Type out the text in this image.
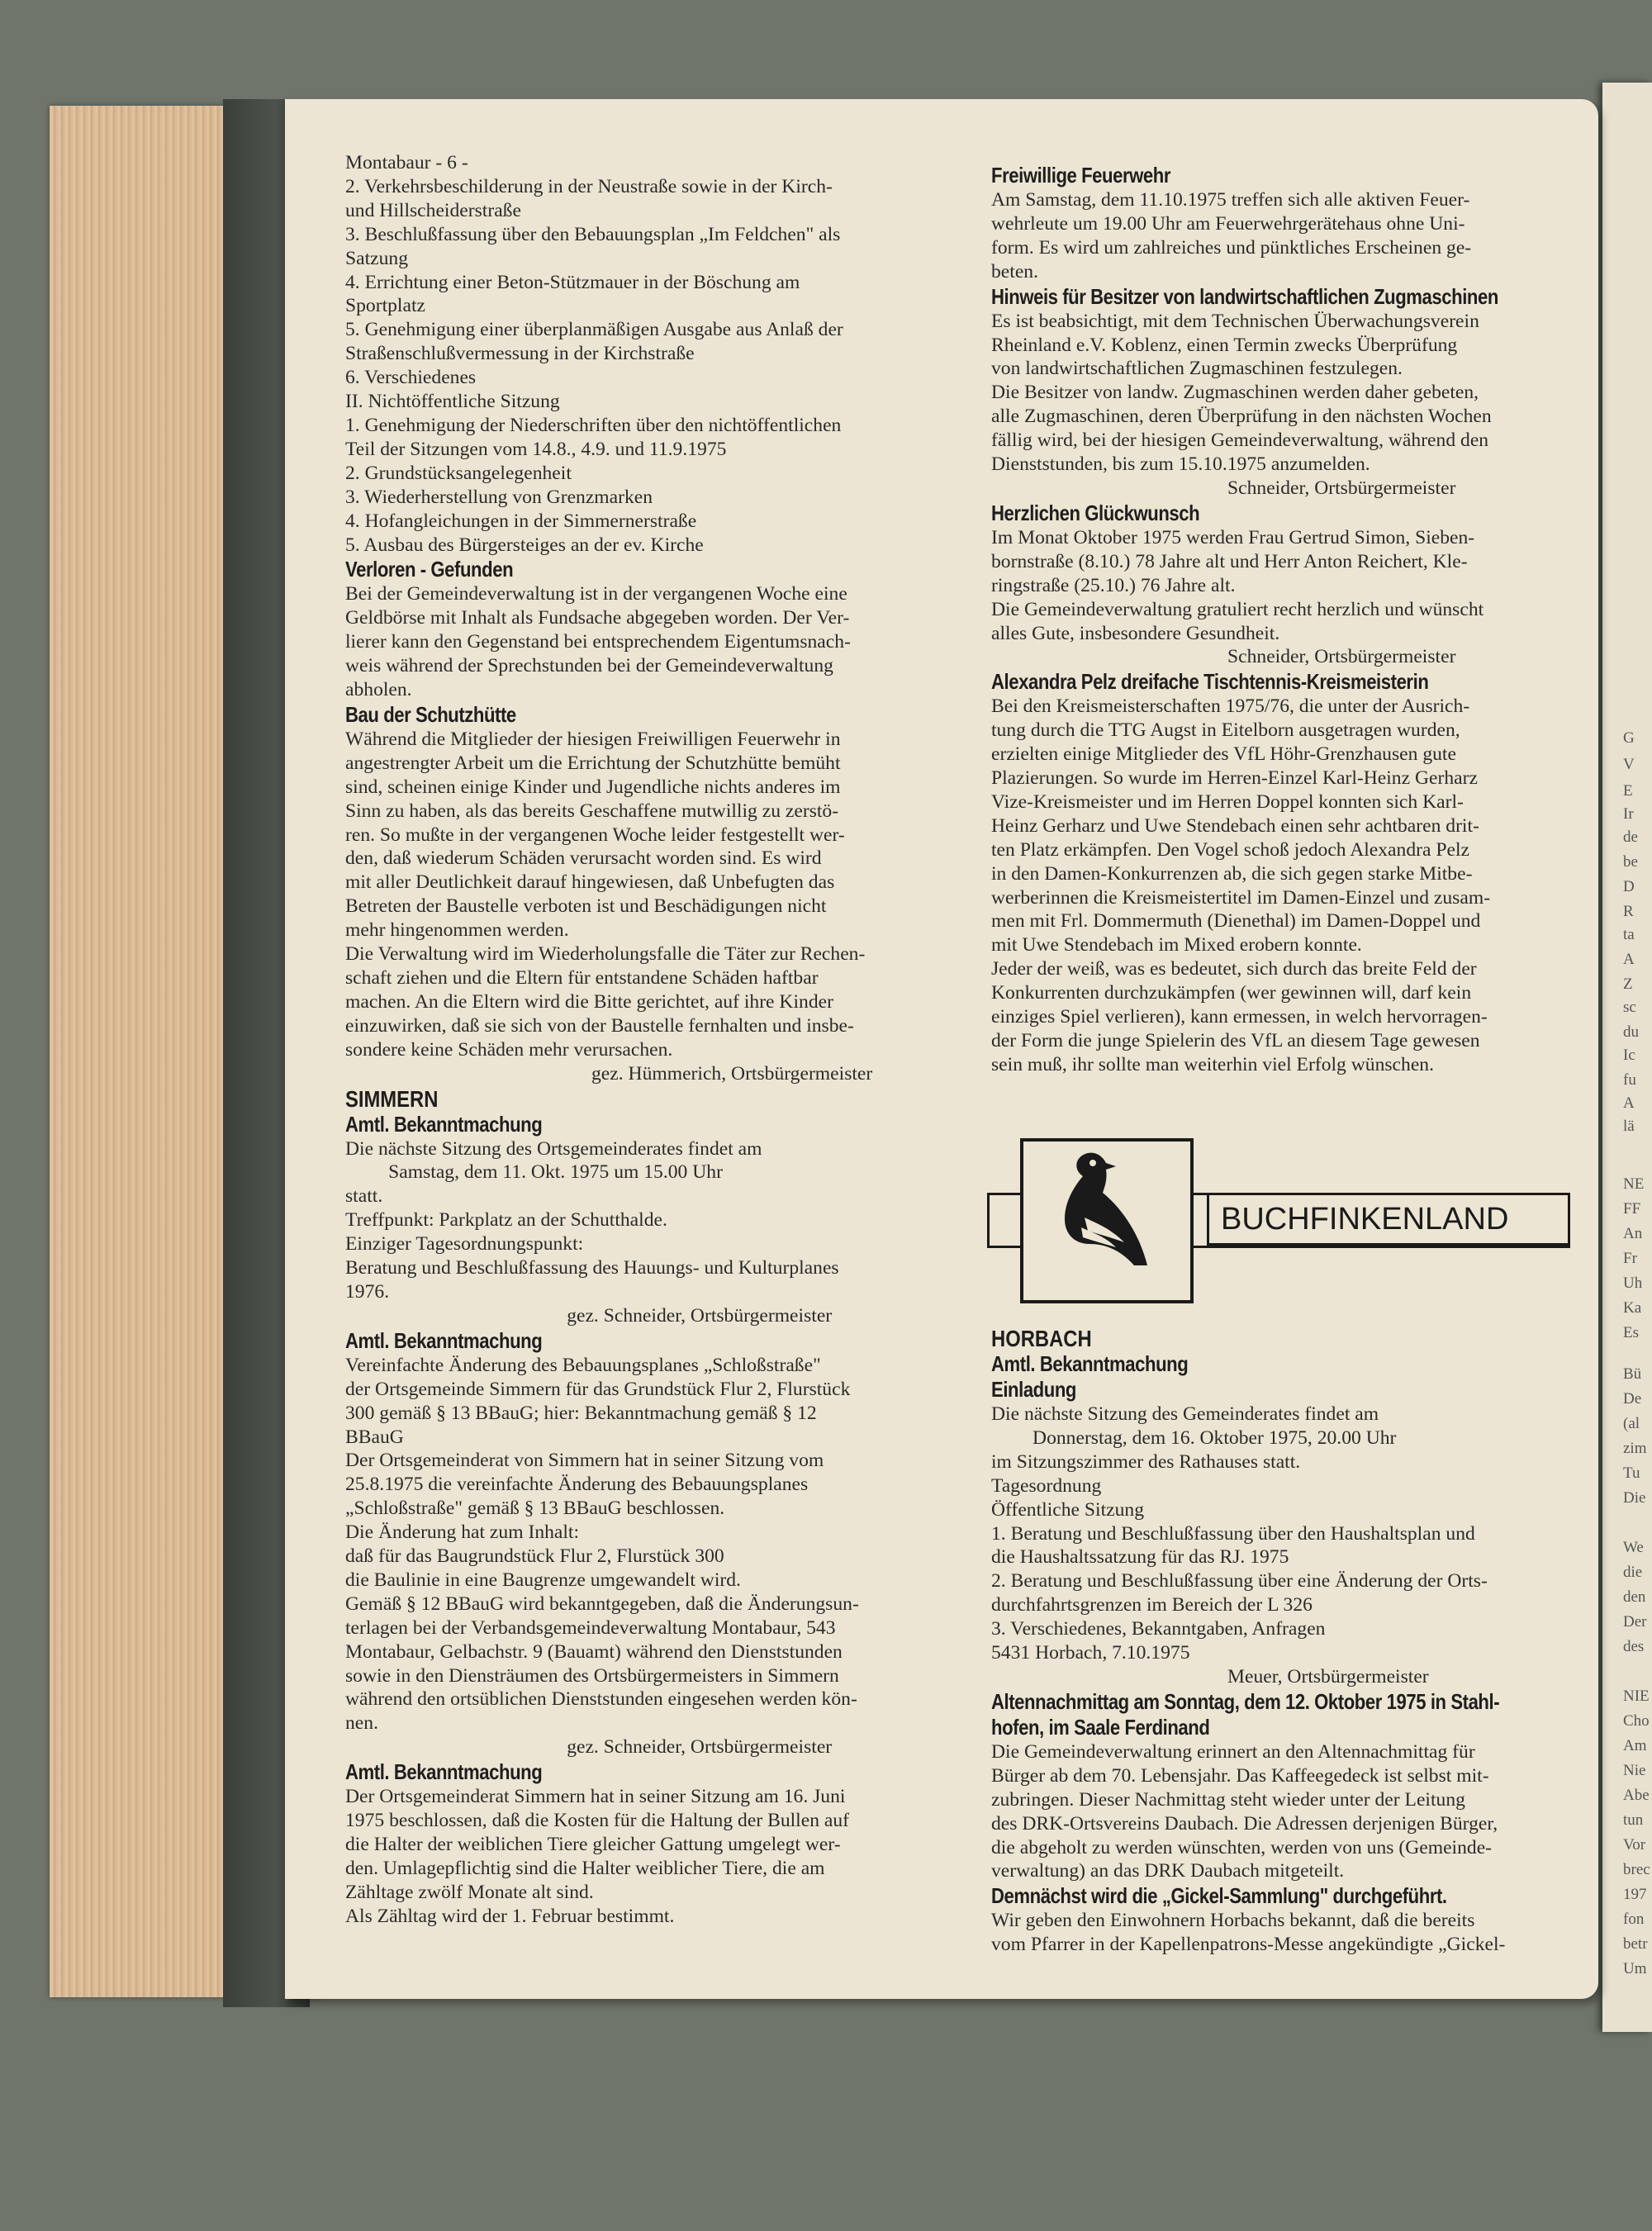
G
V
E
Ir
de
be
D
R
ta
A
Z
sc
du
Ic
fu
A
lä
NE
FF
An
Fr
Uh
Ka
Es
Bü
De
(al
zim
Tu
Die
We
die
den
Der
des
NIE
Cho
Am
Nie
Abe
tun
Vor
brec
197
fon
betr
Um

Montabaur - 6 -

2. Verkehrsbeschilderung in der Neustraße sowie in der Kirch-

und Hillscheiderstraße

3. Beschlußfassung über den Bebauungsplan „Im Feldchen" als

Satzung

4. Errichtung einer Beton-Stützmauer in der Böschung am

Sportplatz

5. Genehmigung einer überplanmäßigen Ausgabe aus Anlaß der

Straßenschlußvermessung in der Kirchstraße

6. Verschiedenes

II. Nichtöffentliche Sitzung

1. Genehmigung der Niederschriften über den nichtöffentlichen

Teil der Sitzungen vom 14.8., 4.9. und 11.9.1975

2. Grundstücksangelegenheit

3. Wiederherstellung von Grenzmarken

4. Hofangleichungen in der Simmernerstraße

5. Ausbau des Bürgersteiges an der ev. Kirche

Verloren - Gefunden

Bei der Gemeindeverwaltung ist in der vergangenen Woche eine

Geldbörse mit Inhalt als Fundsache abgegeben worden. Der Ver-

lierer kann den Gegenstand bei entsprechendem Eigentumsnach-

weis während der Sprechstunden bei der Gemeindeverwaltung

abholen.

Bau der Schutzhütte

Während die Mitglieder der hiesigen Freiwilligen Feuerwehr in

angestrengter Arbeit um die Errichtung der Schutzhütte bemüht

sind, scheinen einige Kinder und Jugendliche nichts anderes im

Sinn zu haben, als das bereits Geschaffene mutwillig zu zerstö-

ren. So mußte in der vergangenen Woche leider festgestellt wer-

den, daß wiederum Schäden verursacht worden sind. Es wird

mit aller Deutlichkeit darauf hingewiesen, daß Unbefugten das

Betreten der Baustelle verboten ist und Beschädigungen nicht

mehr hingenommen werden.

Die Verwaltung wird im Wiederholungsfalle die Täter zur Rechen-

schaft ziehen und die Eltern für entstandene Schäden haftbar

machen. An die Eltern wird die Bitte gerichtet, auf ihre Kinder

einzuwirken, daß sie sich von der Baustelle fernhalten und insbe-

sondere keine Schäden mehr verursachen.

gez. Hümmerich, Ortsbürgermeister

SIMMERN

Amtl. Bekanntmachung

Die nächste Sitzung des Ortsgemeinderates findet am

Samstag, dem 11. Okt. 1975 um 15.00 Uhr

statt.

Treffpunkt: Parkplatz an der Schutthalde.

Einziger Tagesordnungspunkt:

Beratung und Beschlußfassung des Hauungs- und Kulturplanes

1976.

gez. Schneider, Ortsbürgermeister

Amtl. Bekanntmachung

Vereinfachte Änderung des Bebauungsplanes „Schloßstraße"

der Ortsgemeinde Simmern für das Grundstück Flur 2, Flurstück

300 gemäß § 13 BBauG; hier: Bekanntmachung gemäß § 12

BBauG

Der Ortsgemeinderat von Simmern hat in seiner Sitzung vom

25.8.1975 die vereinfachte Änderung des Bebauungsplanes

„Schloßstraße" gemäß § 13 BBauG beschlossen.

Die Änderung hat zum Inhalt:

daß für das Baugrundstück Flur 2, Flurstück 300

die Baulinie in eine Baugrenze umgewandelt wird.

Gemäß § 12 BBauG wird bekanntgegeben, daß die Änderungsun-

terlagen bei der Verbandsgemeindeverwaltung Montabaur, 543

Montabaur, Gelbachstr. 9 (Bauamt) während den Dienststunden

sowie in den Diensträumen des Ortsbürgermeisters in Simmern

während den ortsüblichen Dienststunden eingesehen werden kön-

nen.

gez. Schneider, Ortsbürgermeister

Amtl. Bekanntmachung

Der Ortsgemeinderat Simmern hat in seiner Sitzung am 16. Juni

1975 beschlossen, daß die Kosten für die Haltung der Bullen auf

die Halter der weiblichen Tiere gleicher Gattung umgelegt wer-

den. Umlagepflichtig sind die Halter weiblicher Tiere, die am

Zähltage zwölf Monate alt sind.

Als Zähltag wird der 1. Februar bestimmt.

Freiwillige Feuerwehr

Am Samstag, dem 11.10.1975 treffen sich alle aktiven Feuer-

wehrleute um 19.00 Uhr am Feuerwehrgerätehaus ohne Uni-

form. Es wird um zahlreiches und pünktliches Erscheinen ge-

beten.

Hinweis für Besitzer von landwirtschaftlichen Zugmaschinen

Es ist beabsichtigt, mit dem Technischen Überwachungsverein

Rheinland e.V. Koblenz, einen Termin zwecks Überprüfung

von landwirtschaftlichen Zugmaschinen festzulegen.

Die Besitzer von landw. Zugmaschinen werden daher gebeten,

alle Zugmaschinen, deren Überprüfung in den nächsten Wochen

fällig wird, bei der hiesigen Gemeindeverwaltung, während den

Dienststunden, bis zum 15.10.1975 anzumelden.

Schneider, Ortsbürgermeister

Herzlichen Glückwunsch

Im Monat Oktober 1975 werden Frau Gertrud Simon, Sieben-

bornstraße (8.10.) 78 Jahre alt und Herr Anton Reichert, Kle-

ringstraße (25.10.) 76 Jahre alt.

Die Gemeindeverwaltung gratuliert recht herzlich und wünscht

alles Gute, insbesondere Gesundheit.

Schneider, Ortsbürgermeister

Alexandra Pelz dreifache Tischtennis-Kreismeisterin

Bei den Kreismeisterschaften 1975/76, die unter der Ausrich-

tung durch die TTG Augst in Eitelborn ausgetragen wurden,

erzielten einige Mitglieder des VfL Höhr-Grenzhausen gute

Plazierungen. So wurde im Herren-Einzel Karl-Heinz Gerharz

Vize-Kreismeister und im Herren Doppel konnten sich Karl-

Heinz Gerharz und Uwe Stendebach einen sehr achtbaren drit-

ten Platz erkämpfen. Den Vogel schoß jedoch Alexandra Pelz

in den Damen-Konkurrenzen ab, die sich gegen starke Mitbe-

werberinnen die Kreismeistertitel im Damen-Einzel und zusam-

men mit Frl. Dommermuth (Dienethal) im Damen-Doppel und

mit Uwe Stendebach im Mixed erobern konnte.

Jeder der weiß, was es bedeutet, sich durch das breite Feld der

Konkurrenten durchzukämpfen (wer gewinnen will, darf kein

einziges Spiel verlieren), kann ermessen, in welch hervorragen-

der Form die junge Spielerin des VfL an diesem Tage gewesen

sein muß, ihr sollte man weiterhin viel Erfolg wünschen.

BUCHFINKENLAND

HORBACH

Amtl. Bekanntmachung

Einladung

Die nächste Sitzung des Gemeinderates findet am

Donnerstag, dem 16. Oktober 1975, 20.00 Uhr

im Sitzungszimmer des Rathauses statt.

Tagesordnung

Öffentliche Sitzung

1. Beratung und Beschlußfassung über den Haushaltsplan und

die Haushaltssatzung für das RJ. 1975

2. Beratung und Beschlußfassung über eine Änderung der Orts-

durchfahrtsgrenzen im Bereich der L 326

3. Verschiedenes, Bekanntgaben, Anfragen

5431 Horbach, 7.10.1975

Meuer, Ortsbürgermeister

Altennachmittag am Sonntag, dem 12. Oktober 1975 in Stahl-

hofen, im Saale Ferdinand

Die Gemeindeverwaltung erinnert an den Altennachmittag für

Bürger ab dem 70. Lebensjahr. Das Kaffeegedeck ist selbst mit-

zubringen. Dieser Nachmittag steht wieder unter der Leitung

des DRK-Ortsvereins Daubach. Die Adressen derjenigen Bürger,

die abgeholt zu werden wünschten, werden von uns (Gemeinde-

verwaltung) an das DRK Daubach mitgeteilt.

Demnächst wird die „Gickel-Sammlung" durchgeführt.

Wir geben den Einwohnern Horbachs bekannt, daß die bereits

vom Pfarrer in der Kapellenpatrons-Messe angekündigte „Gickel-
